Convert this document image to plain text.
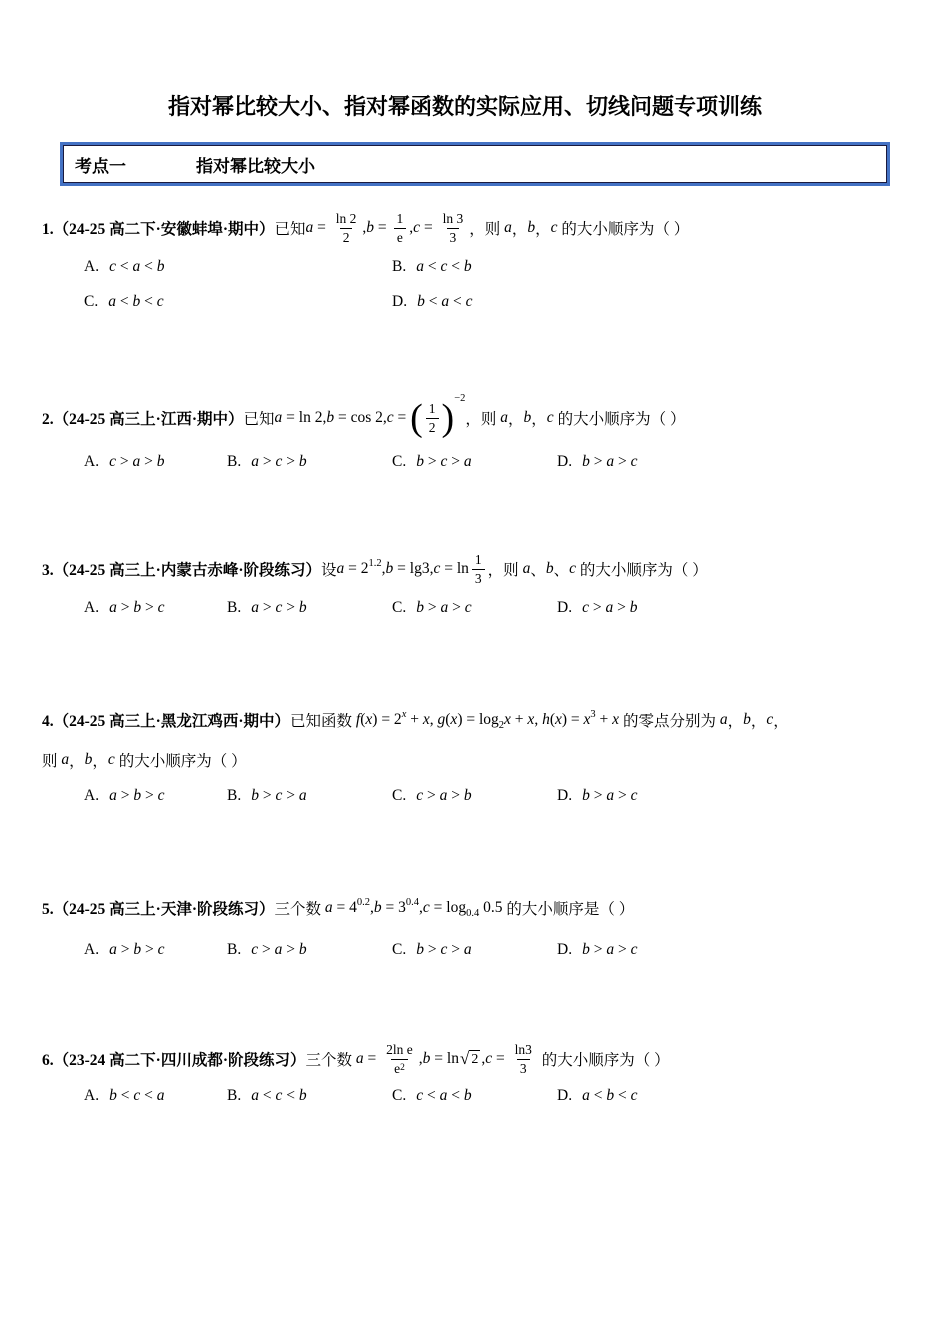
指对幂比较大小、指对幂函数的实际应用、切线问题专项训练
考点一	指对幂比较大小

1.（24-25 高二下·安徽蚌埠·期中） 已知 $a = \frac{\ln 2}{2}$ , $b = \frac{1}{e}$ , $c = \frac{\ln 3}{3}$ ，则 a ， b ， c 的大小顺序为（ ）

A. c < a < b	B. a < c < b
C. a < b < c	D. b < a < c

2.（24-25 高三上·江西·期中） 已知 a = ln 2, b = cos 2, c = ( $\frac{1}{2}$ ) −2
，则 a ， b ， c 的大小顺序为（ ）

A. c > a > b	B. a > c > b	C. b > c > a	D. b > a > c

3.（24-25 高三上·内蒙古赤峰·阶段练习） 设 a = 2 1.2 , b = lg3, $c = \ln \frac{1}{3}$ ，则 a 、 b 、 c 的大小顺序为（ ）

A. a > b > c	B. a > c > b	C. b > a > c	D. c > a > b

4.（24-25 高三上·黑龙江鸡西·期中） 已知函数 f ( x ) = 2 x + x , g ( x ) = log 2 x + x , h ( x ) = x 3 + x 的零点分别为 a ， b ， c ，

则 a ， b ， c 的大小顺序为（ ）

A. a > b > c	B. b > c > a	C. c > a > b	D. b > a > c

5.（24-25 高三上·天津·阶段练习） 三个数 a = 4 0.2 , b = 3 0.4 , c = log 0.4 0.5 的大小顺序是（ ）

A. a > b > c	B. c > a > b	C. b > c > a	D. b > a > c

6.（23-24 高二下·四川成都·阶段练习） 三个数 $a = \frac{\text{2ln e}}{e^2}$ , b = ln √ 2 , $c = \frac{\ln 3}{3}$ 的大小顺序为（ ）

A. b < c < a	B. a < c < b	C. c < a < b	D. a < b < c
